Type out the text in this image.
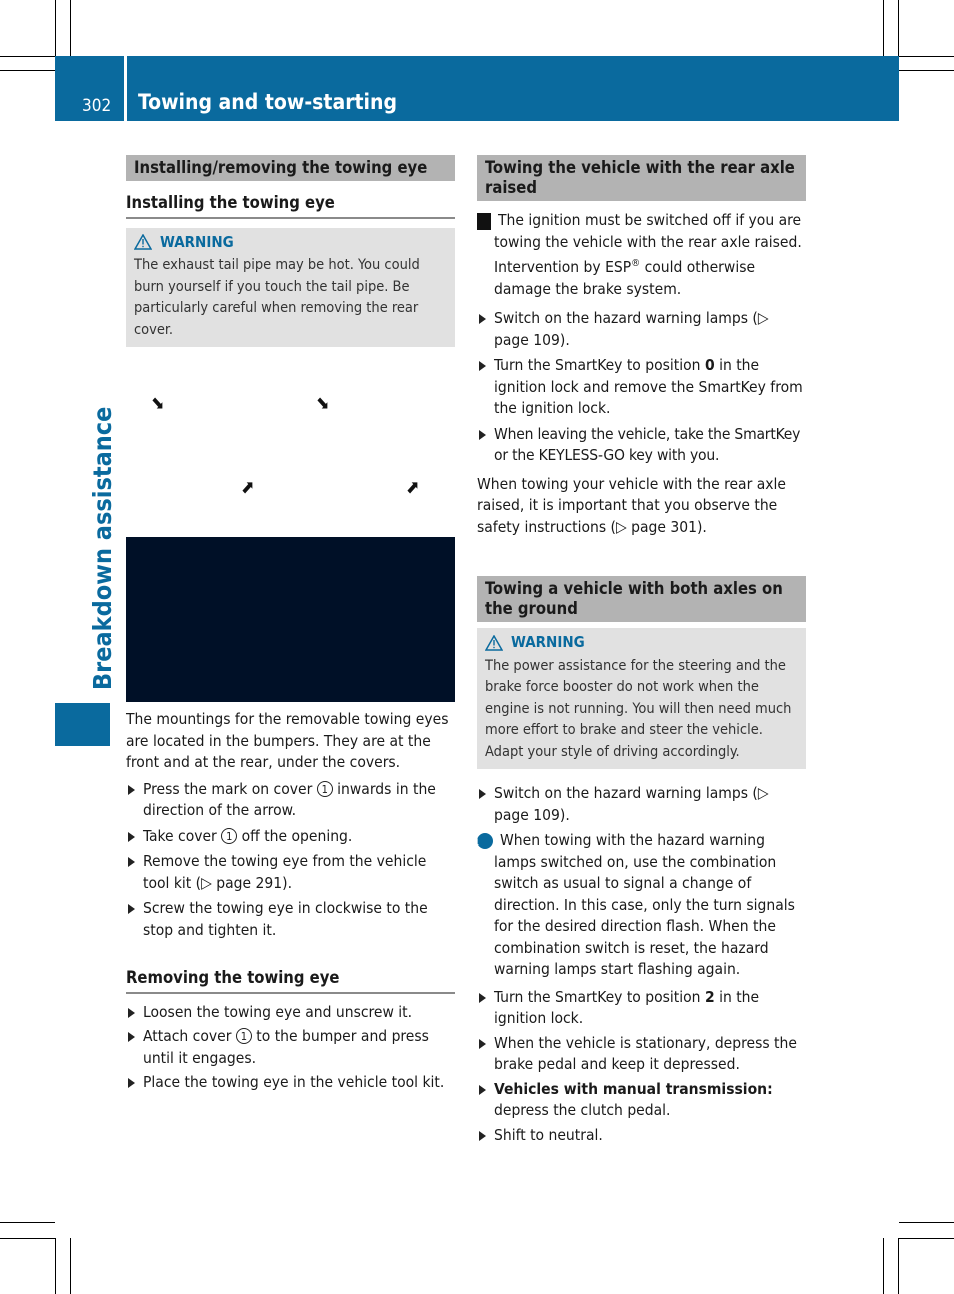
302 Towing and tow-starting
Breakdown assistance
Installing/removing the towing eye
Installing the towing eye
WARNING

The exhaust tail pipe may be hot. You could burn yourself if you touch the tail pipe. Be particularly careful when removing the rear cover.

⬊	⬊
⬈	⬈

The mountings for the removable towing eyes are located in the bumpers. They are at the front and at the rear, under the covers.

Press the mark on cover 1 inwards in the direction of the arrow.

Take cover 1 off the opening.

Remove the towing eye from the vehicle tool kit (▷ page 291).

Screw the towing eye in clockwise to the stop and tighten it.

Removing the towing eye

Loosen the towing eye and unscrew it.

Attach cover 1 to the bumper and press until it engages.

Place the towing eye in the vehicle tool kit.

Towing the vehicle with the rear axle raised

! The ignition must be switched off if you are towing the vehicle with the rear axle raised. Intervention by ESP® could otherwise damage the brake system.

Switch on the hazard warning lamps (▷ page 109).

Turn the SmartKey to position 0 in the ignition lock and remove the SmartKey from the ignition lock.

When leaving the vehicle, take the SmartKey or the KEYLESS-GO key with you.

When towing your vehicle with the rear axle raised, it is important that you observe the safety instructions (▷ page 301).

Towing a vehicle with both axles on the ground
WARNING

The power assistance for the steering and the brake force booster do not work when the engine is not running. You will then need much more effort to brake and steer the vehicle. Adapt your style of driving accordingly.

Switch on the hazard warning lamps (▷ page 109).

i When towing with the hazard warning lamps switched on, use the combination switch as usual to signal a change of direction. In this case, only the turn signals for the desired direction flash. When the combination switch is reset, the hazard warning lamps start flashing again.

Turn the SmartKey to position 2 in the ignition lock.

When the vehicle is stationary, depress the brake pedal and keep it depressed.

Vehicles with manual transmission: depress the clutch pedal.

Shift to neutral.
